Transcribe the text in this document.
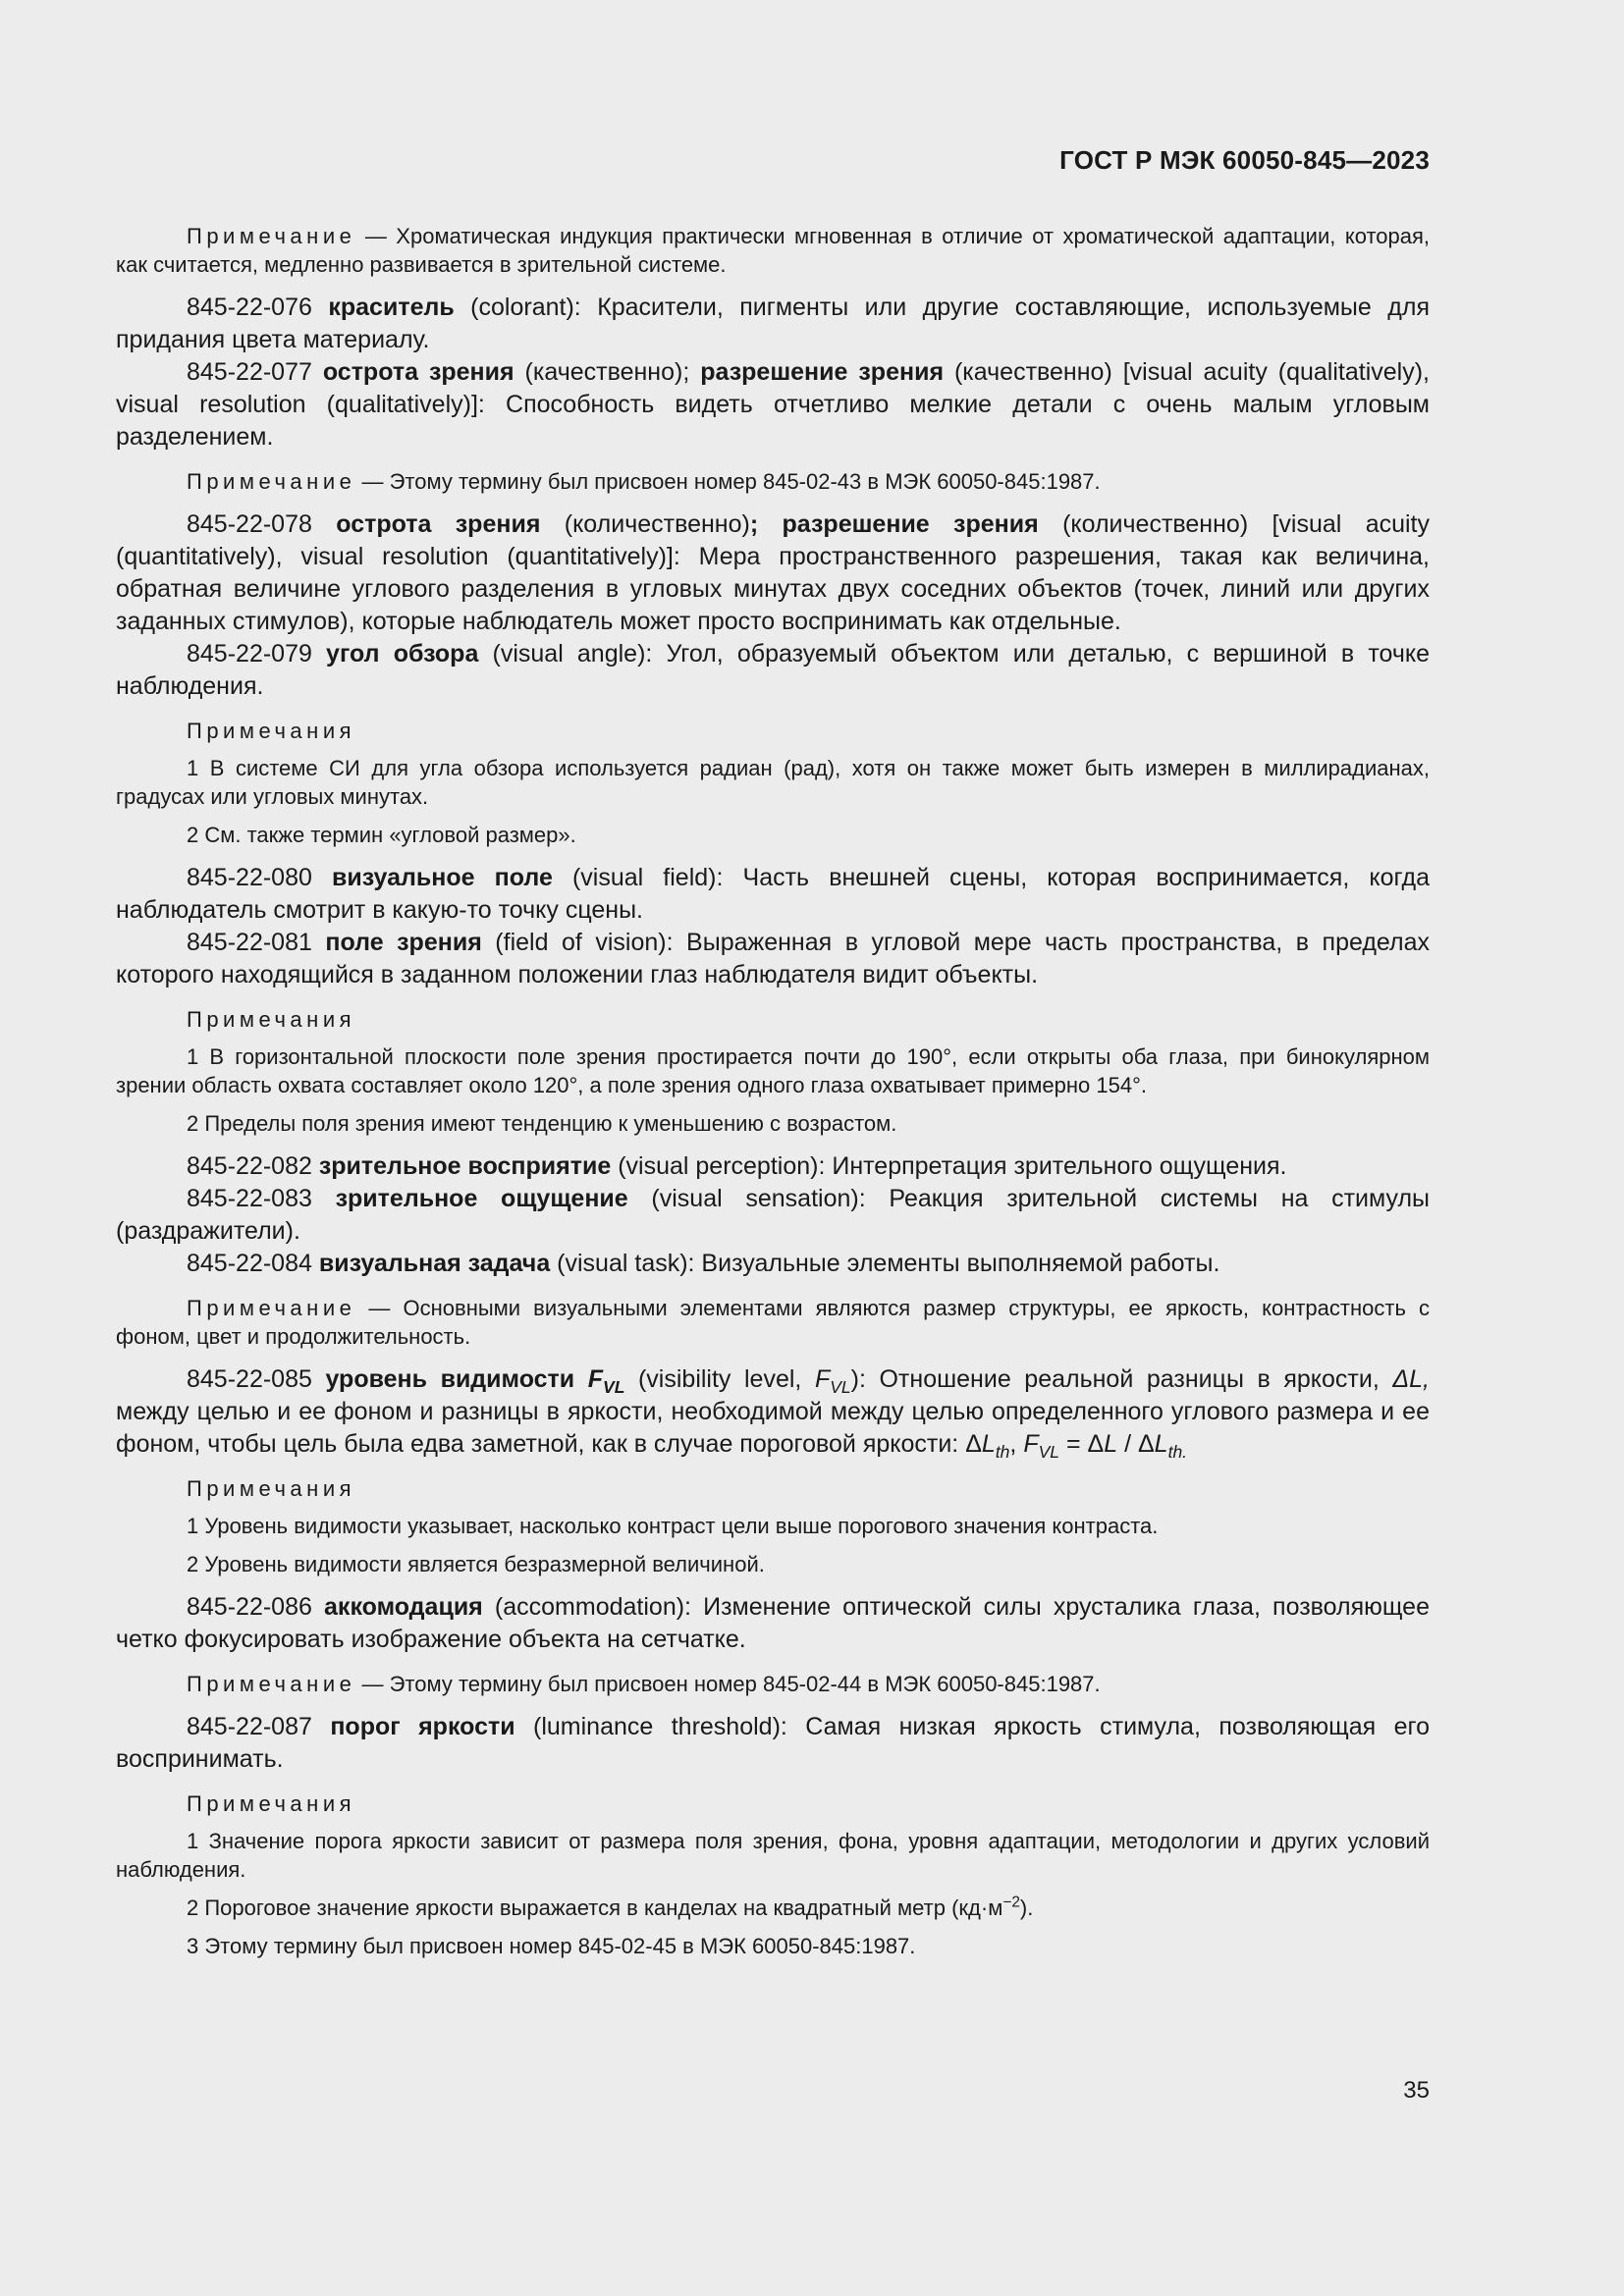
ГОСТ Р МЭК 60050-845—2023

Примечание — Хроматическая индукция практически мгновенная в отличие от хроматической адаптации, которая, как считается, медленно развивается в зрительной системе.

845-22-076 краситель (colorant): Красители, пигменты или другие составляющие, используемые для придания цвета материалу.

845-22-077 острота зрения (качественно); разрешение зрения (качественно) [visual acuity (qualitatively), visual resolution (qualitatively)]: Способность видеть отчетливо мелкие детали с очень малым угловым разделением.

Примечание — Этому термину был присвоен номер 845-02-43 в МЭК 60050-845:1987.

845-22-078 острота зрения (количественно); разрешение зрения (количественно) [visual acuity (quantitatively), visual resolution (quantitatively)]: Мера пространственного разрешения, такая как величина, обратная величине углового разделения в угловых минутах двух соседних объектов (точек, линий или других заданных стимулов), которые наблюдатель может просто воспринимать как отдельные.

845-22-079 угол обзора (visual angle): Угол, образуемый объектом или деталью, с вершиной в точке наблюдения.

Примечания

1 В системе СИ для угла обзора используется радиан (рад), хотя он также может быть измерен в миллирадианах, градусах или угловых минутах.

2 См. также термин «угловой размер».

845-22-080 визуальное поле (visual field): Часть внешней сцены, которая воспринимается, когда наблюдатель смотрит в какую-то точку сцены.

845-22-081 поле зрения (field of vision): Выраженная в угловой мере часть пространства, в пределах которого находящийся в заданном положении глаз наблюдателя видит объекты.

Примечания

1 В горизонтальной плоскости поле зрения простирается почти до 190°, если открыты оба глаза, при бинокулярном зрении область охвата составляет около 120°, а поле зрения одного глаза охватывает примерно 154°.

2 Пределы поля зрения имеют тенденцию к уменьшению с возрастом.

845-22-082 зрительное восприятие (visual perception): Интерпретация зрительного ощущения.

845-22-083 зрительное ощущение (visual sensation): Реакция зрительной системы на стимулы (раздражители).

845-22-084 визуальная задача (visual task): Визуальные элементы выполняемой работы.

Примечание — Основными визуальными элементами являются размер структуры, ее яркость, контрастность с фоном, цвет и продолжительность.

845-22-085 уровень видимости $F_{VL}$ (visibility level, $F_{VL}$): Отношение реальной разницы в яркости, ΔL, между целью и ее фоном и разницы в яркости, необходимой между целью определенного углового размера и ее фоном, чтобы цель была едва заметной, как в случае пороговой яркости: $\Delta L_{th}$, $F_{VL} = \Delta L / \Delta L_{th.}$

Примечания

1 Уровень видимости указывает, насколько контраст цели выше порогового значения контраста.

2 Уровень видимости является безразмерной величиной.

845-22-086 аккомодация (accommodation): Изменение оптической силы хрусталика глаза, позволяющее четко фокусировать изображение объекта на сетчатке.

Примечание — Этому термину был присвоен номер 845-02-44 в МЭК 60050-845:1987.

845-22-087 порог яркости (luminance threshold): Самая низкая яркость стимула, позволяющая его воспринимать.

Примечания

1 Значение порога яркости зависит от размера поля зрения, фона, уровня адаптации, методологии и других условий наблюдения.

2 Пороговое значение яркости выражается в канделах на квадратный метр $(кд\cdot м^{-2})$.

3 Этому термину был присвоен номер 845-02-45 в МЭК 60050-845:1987.

35
